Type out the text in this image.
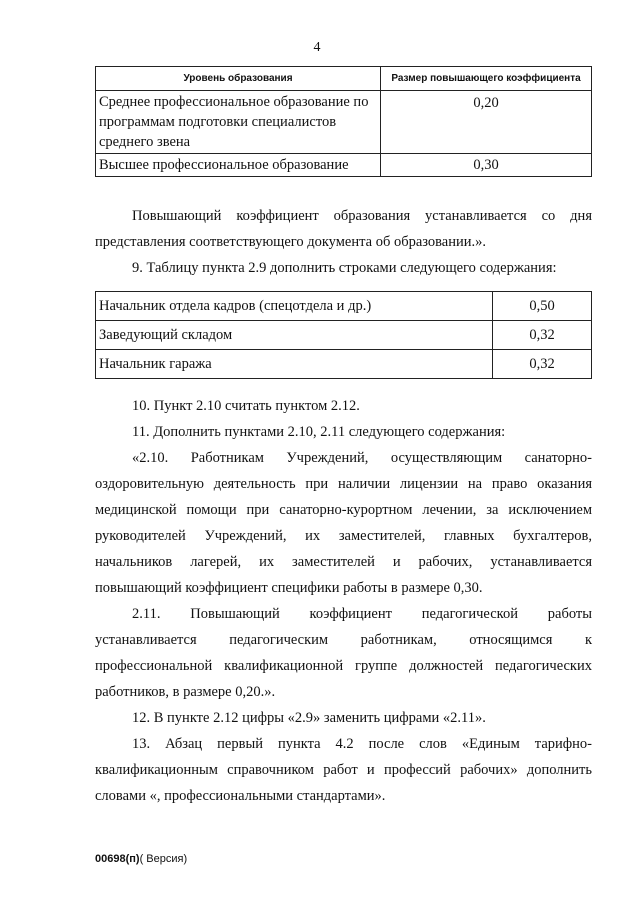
4
Уровень образования	Размер повышающего коэффициента
Среднее профессиональное образование по программам подготовки специалистов среднего звена	0,20
Высшее профессиональное образование	0,30

Повышающий коэффициент образования устанавливается со дня

представления соответствующего документа об образовании.».

9. Таблицу пункта 2.9 дополнить строками следующего содержания:

Начальник отдела кадров (спецотдела и др.)	0,50
Заведующий складом	0,32
Начальник гаража	0,32

10. Пункт 2.10 считать пунктом 2.12.

11. Дополнить пунктами 2.10, 2.11 следующего содержания:

«2.10. Работникам Учреждений, осуществляющим санаторно-

оздоровительную деятельность при наличии лицензии на право оказания

медицинской помощи при санаторно-курортном лечении, за исключением

руководителей Учреждений, их заместителей, главных бухгалтеров,

начальников лагерей, их заместителей и рабочих, устанавливается

повышающий коэффициент специфики работы в размере 0,30.

2.11. Повышающий коэффициент педагогической работы

устанавливается педагогическим работникам, относящимся к

профессиональной квалификационной группе должностей педагогических

работников, в размере 0,20.».

12. В пункте 2.12 цифры «2.9» заменить цифрами «2.11».

13. Абзац первый пункта 4.2 после слов «Единым тарифно-

квалификационным справочником работ и профессий рабочих» дополнить

словами «, профессиональными стандартами».

00698(п)( Версия)
